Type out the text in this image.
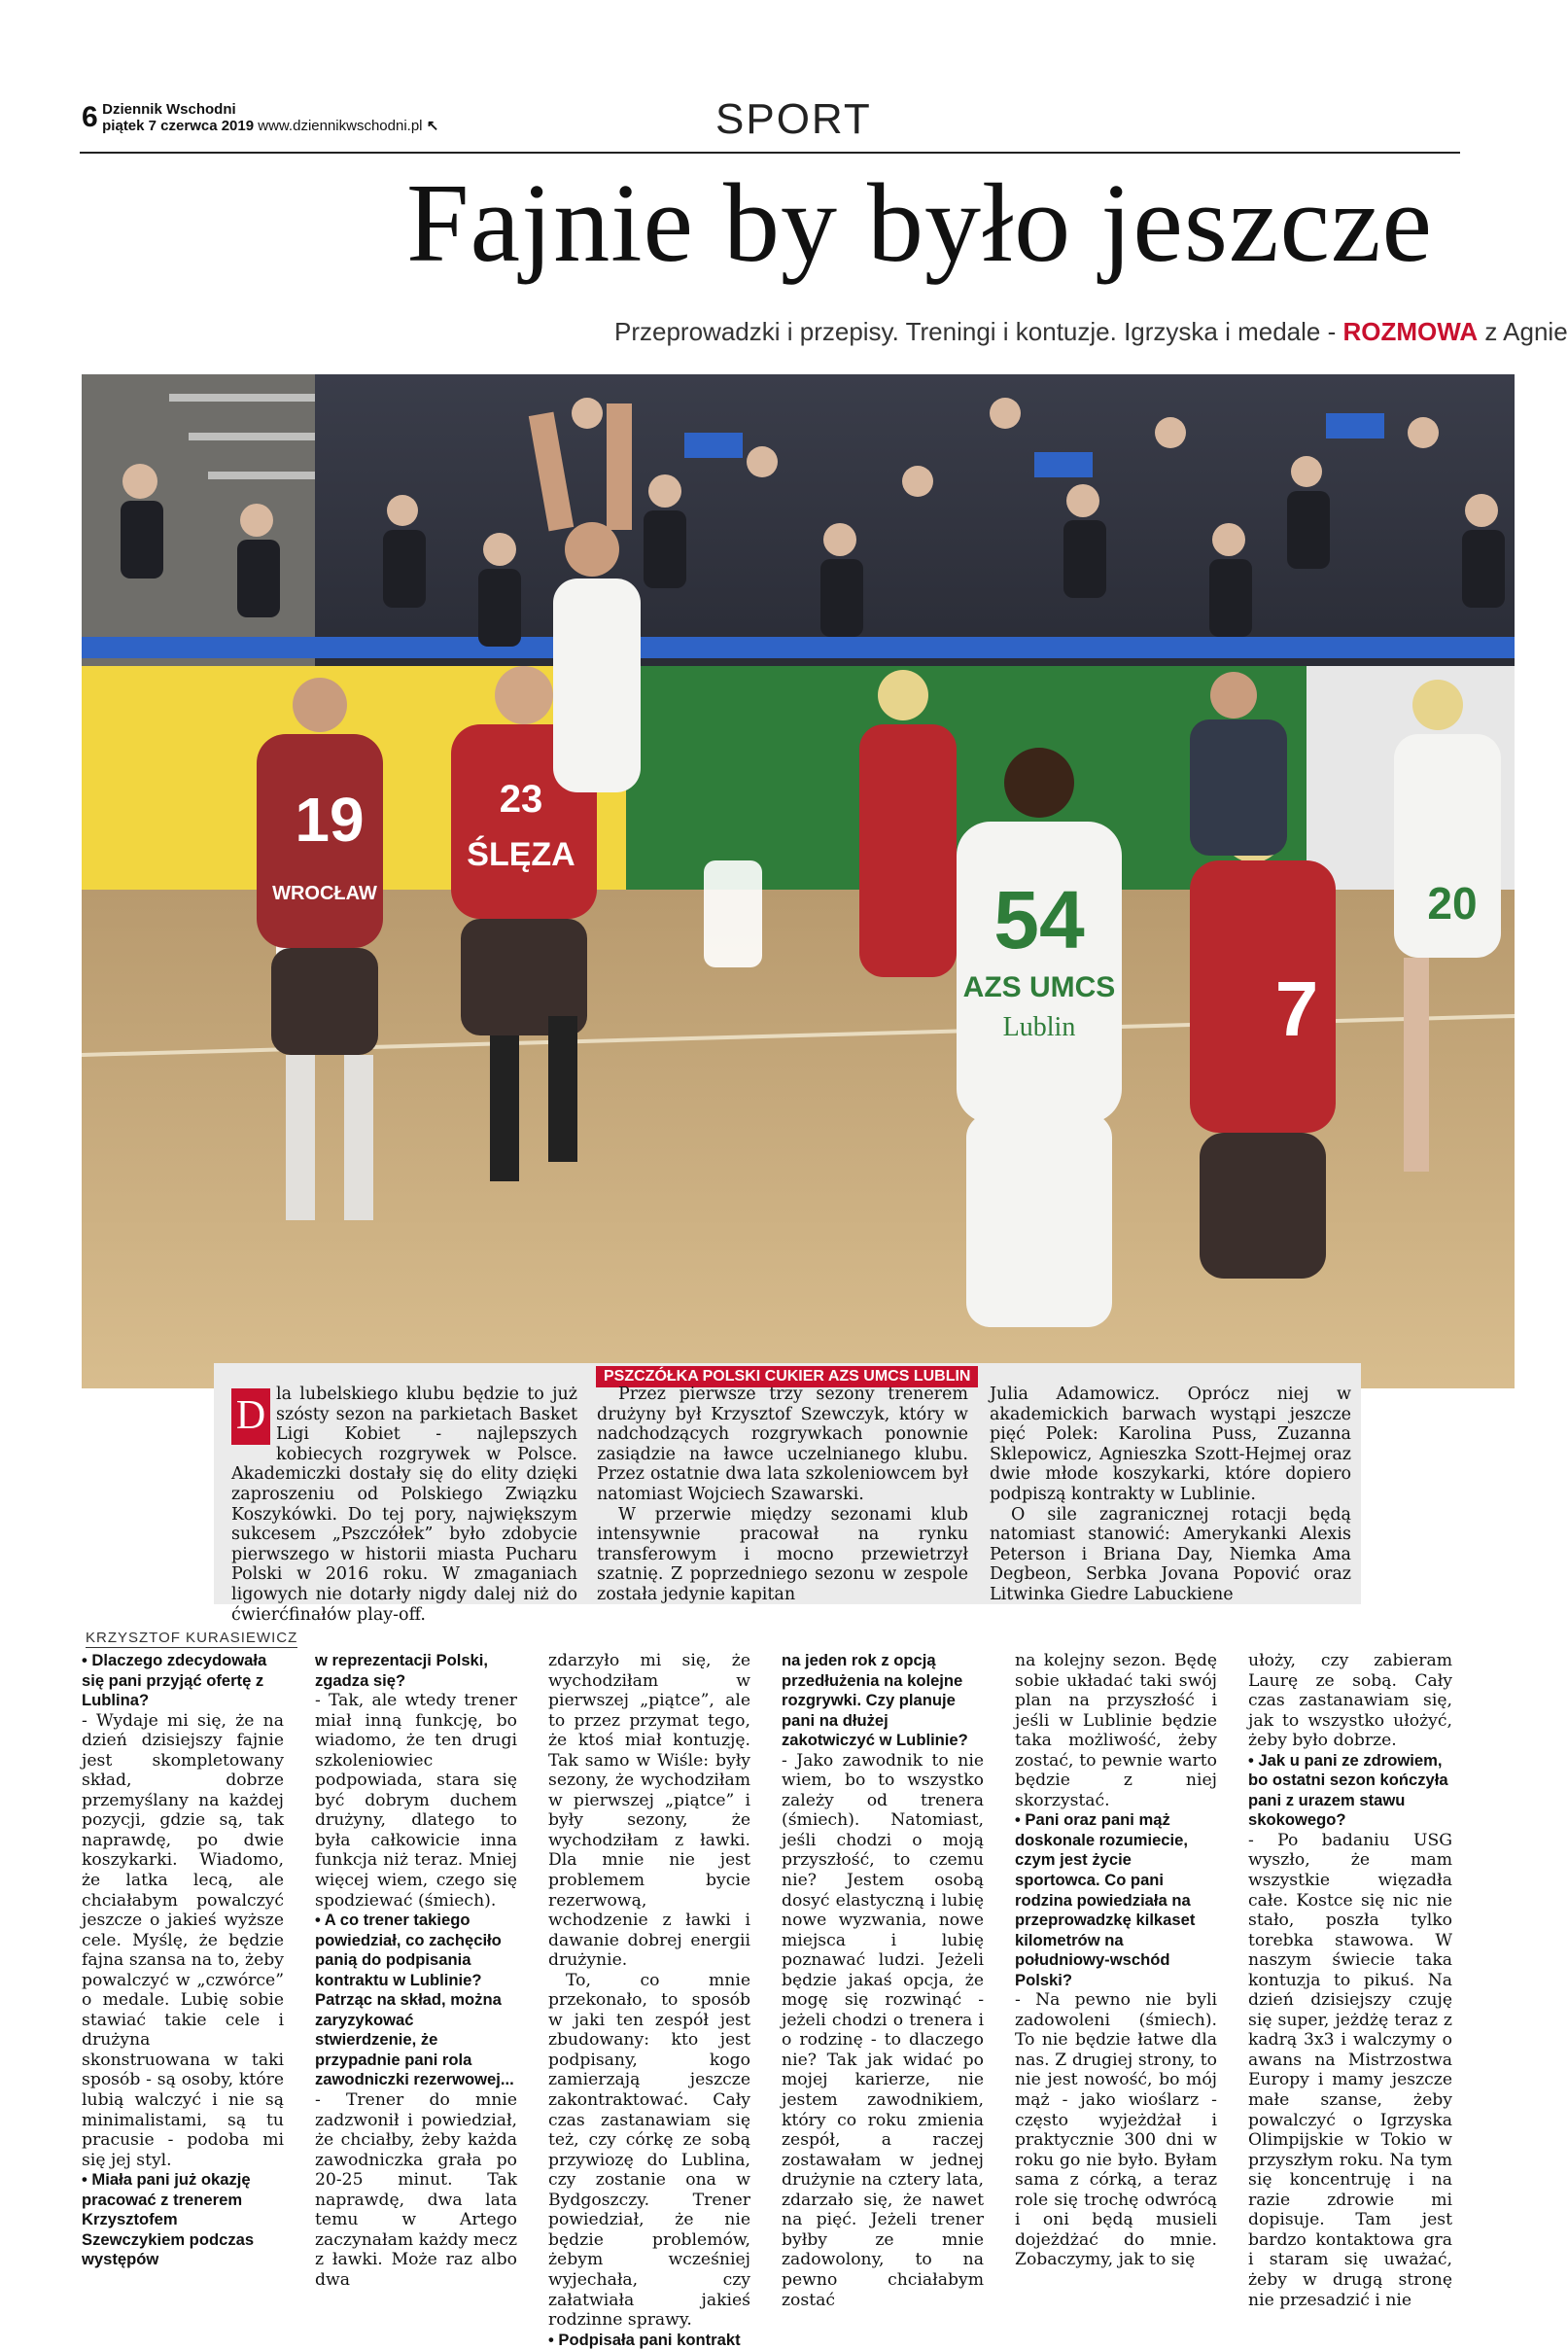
6 Dziennik Wschodni
piątek 7 czerwca 2019 www.dziennikwschodni.pl ↖	SPORT
Fajnie by było jeszcze
Przeprowadzki i przepisy. Treningi i kontuzje. Igrzyska i medale - ROZMOWA z Agnie
19
WROCŁAW
23
ŚLĘZA
54
AZS UMCS
Lublin	7
20
PSZCZÓŁKA POLSKI CUKIER AZS UMCS LUBLIN
D la lubelskiego klubu będzie to już szósty sezon na parkietach Basket Ligi Kobiet - najlepszych kobiecych rozgrywek w Polsce. Akademiczki dostały się do elity dzięki zaproszeniu od Polskiego Związku Koszykówki. Do tej pory, największym sukcesem „Pszczółek” było zdobycie pierwszego w historii miasta Pucharu Polski w 2016 roku. W zmaganiach ligowych nie dotarły nigdy dalej niż do ćwierćfinałów play-off.

Przez pierwsze trzy sezony trenerem drużyny był Krzysztof Szewczyk, który w nadchodzących rozgrywkach ponownie zasiądzie na ławce uczelnianego klubu. Przez ostatnie dwa lata szkoleniowcem był natomiast Wojciech Szawarski.

W przerwie między sezonami klub intensywnie pracował na rynku transferowym i mocno przewietrzył szatnię. Z poprzedniego sezonu w zespole została jedynie kapitan

Julia Adamowicz. Oprócz niej w akademickich barwach wystąpi jeszcze pięć Polek: Karolina Puss, Zuzanna Sklepowicz, Agnieszka Szott-Hejmej oraz dwie młode koszykarki, które dopiero podpiszą kontrakty w Lublinie.

O sile zagranicznej rotacji będą natomiast stanowić: Amerykanki Alexis Peterson i Briana Day, Niemka Ama Degbeon, Serbka Jovana Popović oraz Litwinka Giedre Labuckiene

KRZYSZTOF KURASIEWICZ

• Dlaczego zdecydowała się pani przyjąć ofertę z Lublina?

- Wydaje mi się, że na dzień dzisiejszy fajnie jest skompletowany skład, dobrze przemyślany na każdej pozycji, gdzie są, tak naprawdę, po dwie koszykarki. Wiadomo, że latka lecą, ale chciałabym powalczyć jeszcze o jakieś wyższe cele. Myślę, że będzie fajna szansa na to, żeby powalczyć w „czwórce” o medale. Lubię sobie stawiać takie cele i drużyna skonstruowana w taki sposób - są osoby, które lubią walczyć i nie są minimalistami, są tu pracusie - podoba mi się jej styl.

• Miała pani już okazję pracować z trenerem Krzysztofem Szewczykiem podczas występów

w reprezentacji Polski, zgadza się?

- Tak, ale wtedy trener miał inną funkcję, bo wiadomo, że ten drugi szkoleniowiec podpowiada, stara się być dobrym duchem drużyny, dlatego to była całkowicie inna funkcja niż teraz. Mniej więcej wiem, czego się spodziewać (śmiech).

• A co trener takiego powiedział, co zachęciło panią do podpisania kontraktu w Lublinie? Patrząc na skład, można zaryzykować stwierdzenie, że przypadnie pani rola zawodniczki rezerwowej...

- Trener do mnie zadzwonił i powiedział, że chciałby, żeby każda zawodniczka grała po 20-25 minut. Tak naprawdę, dwa lata temu w Artego zaczynałam każdy mecz z ławki. Może raz albo dwa

zdarzyło mi się, że wychodziłam w pierwszej „piątce”, ale to przez przymat tego, że ktoś miał kontuzję. Tak samo w Wiśle: były sezony, że wychodziłam w pierwszej „piątce” i były sezony, że wychodziłam z ławki. Dla mnie nie jest problemem bycie rezerwową, wchodzenie z ławki i dawanie dobrej energii drużynie.

To, co mnie przekonało, to sposób w jaki ten zespół jest zbudowany: kto jest podpisany, kogo zamierzają jeszcze zakontraktować. Cały czas zastanawiam się też, czy córkę ze sobą przywiozę do Lublina, czy zostanie ona w Bydgoszczy. Trener powiedział, że nie będzie problemów, żebym wcześniej wyjechała, czy załatwiała jakieś rodzinne sprawy.

• Podpisała pani kontrakt

na jeden rok z opcją przedłużenia na kolejne rozgrywki. Czy planuje pani na dłużej zakotwiczyć w Lublinie?

- Jako zawodnik to nie wiem, bo to wszystko zależy od trenera (śmiech). Natomiast, jeśli chodzi o moją przyszłość, to czemu nie? Jestem osobą dosyć elastyczną i lubię nowe wyzwania, nowe miejsca i lubię poznawać ludzi. Jeżeli będzie jakaś opcja, że mogę się rozwinąć - jeżeli chodzi o trenera i o rodzinę - to dlaczego nie? Tak jak widać po mojej karierze, nie jestem zawodnikiem, który co roku zmienia zespół, a raczej zostawałam w jednej drużynie na cztery lata, zdarzało się, że nawet na pięć. Jeżeli trener byłby ze mnie zadowolony, to na pewno chciałabym zostać

na kolejny sezon. Będę sobie układać taki swój plan na przyszłość i jeśli w Lublinie będzie taka możliwość, żeby zostać, to pewnie warto będzie z niej skorzystać.

• Pani oraz pani mąż doskonale rozumiecie, czym jest życie sportowca. Co pani rodzina powiedziała na przeprowadzkę kilkaset kilometrów na południowy-wschód Polski?

- Na pewno nie byli zadowoleni (śmiech). To nie będzie łatwe dla nas. Z drugiej strony, to nie jest nowość, bo mój mąż - jako wioślarz - często wyjeżdżał i praktycznie 300 dni w roku go nie było. Byłam sama z córką, a teraz role się trochę odwrócą i oni będą musieli dojeżdżać do mnie. Zobaczymy, jak to się

ułoży, czy zabieram Laurę ze sobą. Cały czas zastanawiam się, jak to wszystko ułożyć, żeby było dobrze.

• Jak u pani ze zdrowiem, bo ostatni sezon kończyła pani z urazem stawu skokowego?

- Po badaniu USG wyszło, że mam wszystkie więzadła całe. Kostce się nic nie stało, poszła tylko torebka stawowa. W naszym świecie taka kontuzja to pikuś. Na dzień dzisiejszy czuję się super, jeżdżę teraz z kadrą 3x3 i walczymy o awans na Mistrzostwa Europy i mamy jeszcze małe szanse, żeby powalczyć o Igrzyska Olimpijskie w Tokio w przyszłym roku. Na tym się koncentruję i na razie zdrowie mi dopisuje. Tam jest bardzo kontaktowa gra i staram się uważać, żeby w drugą stronę nie przesadzić i nie
